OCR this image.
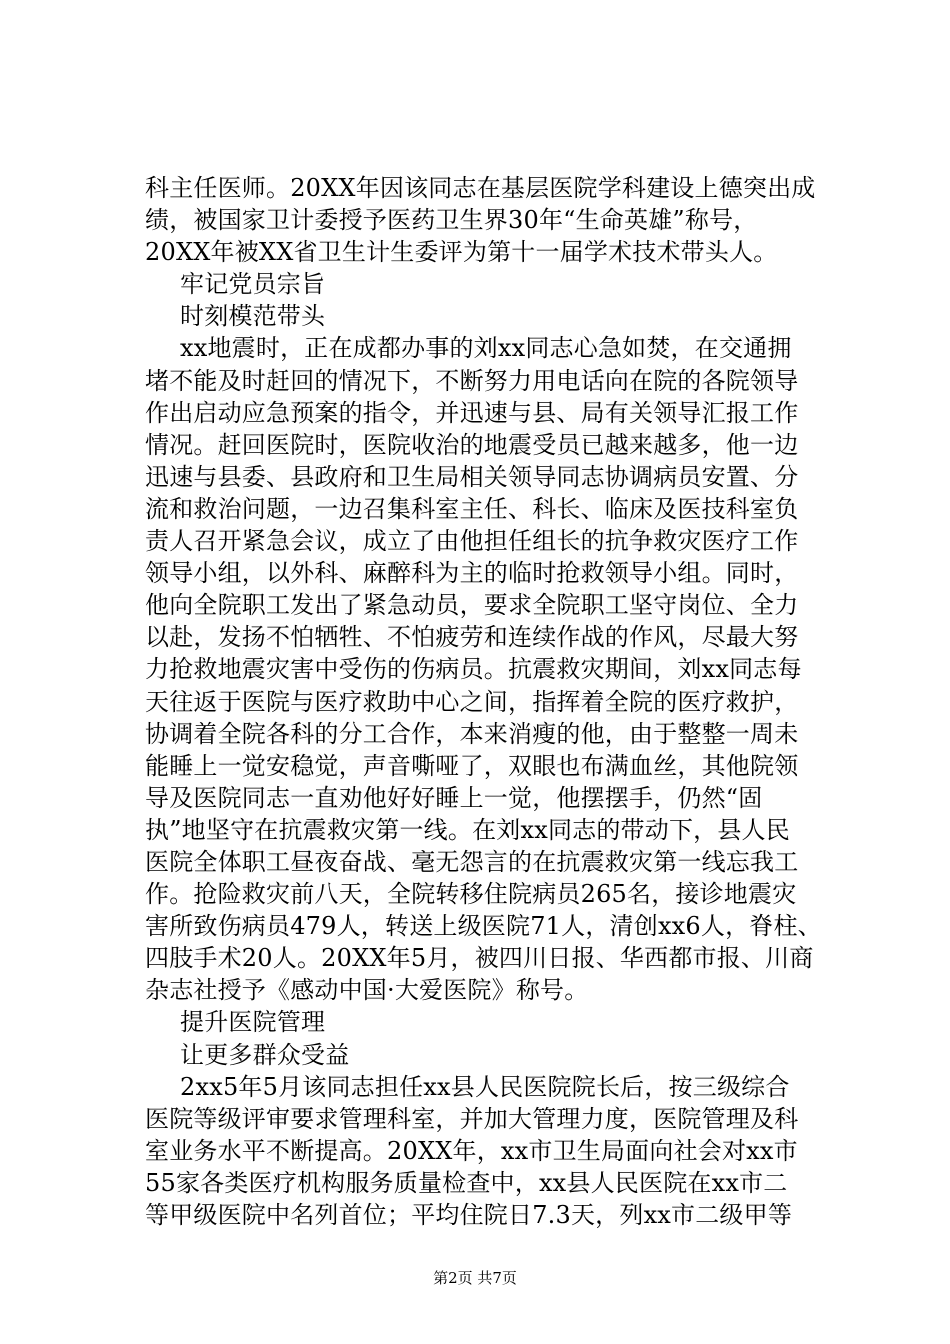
科主任医师。20XX年因该同志在基层医院学科建设上德突出成
绩，被国家卫计委授予医药卫生界30年“生命英雄”称号，
20XX年被XX省卫生计生委评为第十一届学术技术带头人。
牢记党员宗旨
时刻模范带头
xx地震时，正在成都办事的刘xx同志心急如焚，在交通拥
堵不能及时赶回的情况下，不断努力用电话向在院的各院领导
作出启动应急预案的指令，并迅速与县、局有关领导汇报工作
情况。赶回医院时，医院收治的地震受员已越来越多，他一边
迅速与县委、县政府和卫生局相关领导同志协调病员安置、分
流和救治问题，一边召集科室主任、科长、临床及医技科室负
责人召开紧急会议，成立了由他担任组长的抗争救灾医疗工作
领导小组，以外科、麻醉科为主的临时抢救领导小组。同时，
他向全院职工发出了紧急动员，要求全院职工坚守岗位、全力
以赴，发扬不怕牺牲、不怕疲劳和连续作战的作风，尽最大努
力抢救地震灾害中受伤的伤病员。抗震救灾期间，刘xx同志每
天往返于医院与医疗救助中心之间，指挥着全院的医疗救护，
协调着全院各科的分工合作，本来消瘦的他，由于整整一周未
能睡上一觉安稳觉，声音嘶哑了，双眼也布满血丝，其他院领
导及医院同志一直劝他好好睡上一觉，他摆摆手，仍然“固
执”地坚守在抗震救灾第一线。在刘xx同志的带动下，县人民
医院全体职工昼夜奋战、毫无怨言的在抗震救灾第一线忘我工
作。抢险救灾前八天，全院转移住院病员265名，接诊地震灾
害所致伤病员479人，转送上级医院71人，清创xx6人，脊柱、
四肢手术20人。20XX年5月，被四川日报、华西都市报、川商
杂志社授予《感动中国·大爱医院》称号。
提升医院管理
让更多群众受益
2xx5年5月该同志担任xx县人民医院院长后，按三级综合
医院等级评审要求管理科室，并加大管理力度，医院管理及科
室业务水平不断提高。20XX年，xx市卫生局面向社会对xx市
55家各类医疗机构服务质量检查中，xx县人民医院在xx市二
等甲级医院中名列首位；平均住院日7.3天，列xx市二级甲等
第2页 共7页
